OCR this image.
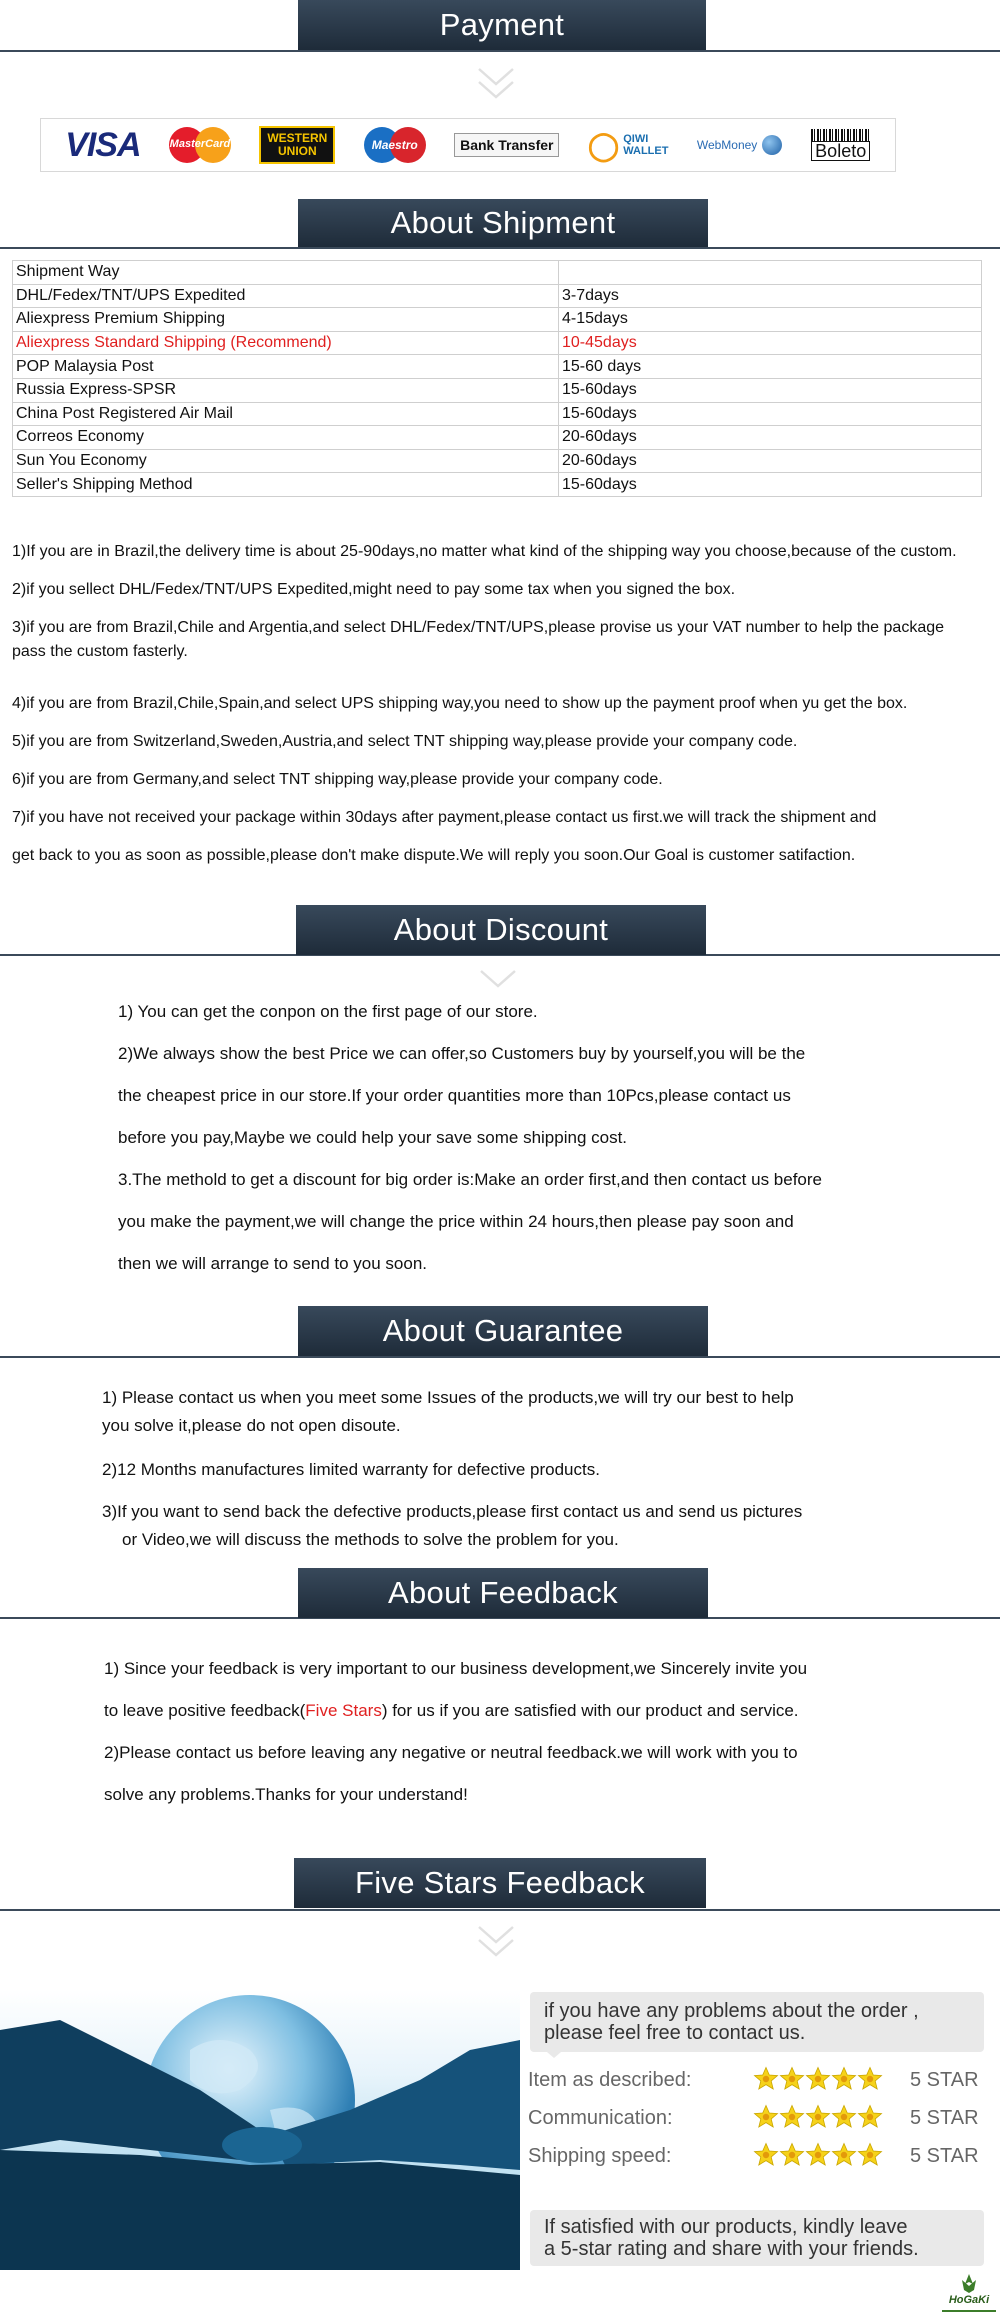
Payment
VISA	MasterCard	WESTERN
UNION	Maestro	Bank Transfer ◯ QIWI
WALLET WebMoney	Boleto
About Shipment
Shipment Way	
DHL/Fedex/TNT/UPS Expedited	3-7days
Aliexpress Premium Shipping	4-15days
Aliexpress Standard Shipping (Recommend)	10-45days
POP Malaysia Post	15-60 days
Russia Express-SPSR	15-60days
China Post Registered Air Mail	15-60days
Correos Economy	20-60days
Sun You Economy	20-60days
Seller's Shipping Method	15-60days

1)If you are in Brazil,the delivery time is about 25-90days,no matter what kind of the shipping way you choose,because of the custom.

2)if you sellect DHL/Fedex/TNT/UPS Expedited,might need to pay some tax when you signed the box.

3)if you are from Brazil,Chile and Argentia,and select DHL/Fedex/TNT/UPS,please provise us your VAT number to help the package

pass the custom fasterly.

4)if you are from Brazil,Chile,Spain,and select UPS shipping way,you need to show up the payment proof when yu get the box.

5)if you are from Switzerland,Sweden,Austria,and select TNT shipping way,please provide your company code.

6)if you are from Germany,and select TNT shipping way,please provide your company code.

7)if you have not received your package within 30days after payment,please contact us first.we will track the shipment and

get back to you as soon as possible,please don't make dispute.We will reply you soon.Our Goal is customer satifaction.

About Discount

1) You can get the conpon on the first page of our store.

2)We always show the best Price we can offer,so Customers buy by yourself,you will be the

the cheapest price in our store.If your order quantities more than 10Pcs,please contact us

before you pay,Maybe we could help your save some shipping cost.

3.The methold to get a discount for big order is:Make an order first,and then contact us before

you make the payment,we will change the price within 24 hours,then please pay soon and

then we will arrange to send to you soon.

About Guarantee

1) Please contact us when you meet some Issues of the products,we will try our best to help

you solve it,please do not open disoute.

2)12 Months manufactures limited warranty for defective products.

3)If you want to send back the defective products,please first contact us and send us pictures

or Video,we will discuss the methods to solve the problem for you.

About Feedback

1) Since your feedback is very important to our business development,we Sincerely invite you

to leave positive feedback(Five Stars) for us if you are satisfied with our product and service.

2)Please contact us before leaving any negative or neutral feedback.we will work with you to

solve any problems.Thanks for your understand!

Five Stars Feedback
if you have any problems about the order ,
please feel free to contact us.
Item as described:	5 STAR
Communication:	5 STAR
Shipping speed:	5 STAR
If satisfied with our products, kindly leave
a 5-star rating and share with your friends.
HoGaKi
